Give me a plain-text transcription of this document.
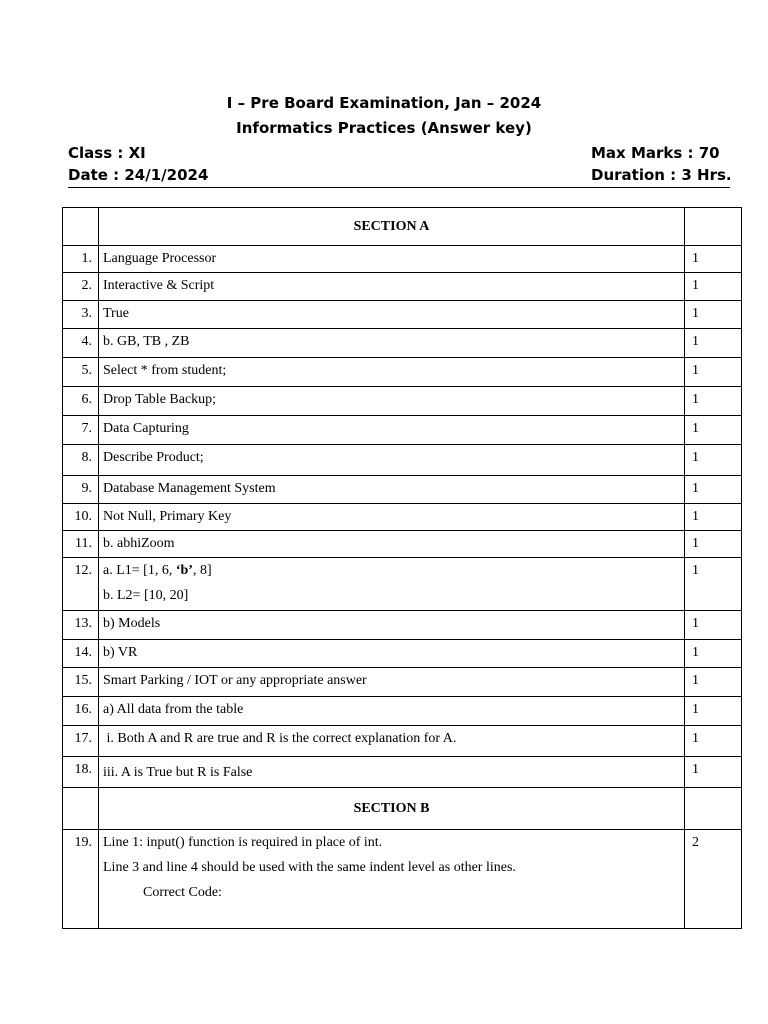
I – Pre Board Examination, Jan – 2024
Informatics Practices (Answer key)
Class : XI	Max Marks : 70
Date : 24/1/2024	Duration : 3 Hrs.
	SECTION A	
1.	Language Processor	1
2.	Interactive & Script	1
3.	True	1
4.	b. GB, TB , ZB	1
5.	Select * from student;	1
6.	Drop Table Backup;	1
7.	Data Capturing	1
8.	Describe Product;	1
9.	Database Management System	1
10.	Not Null, Primary Key	1
11.	b. abhiZoom	1
12.	a. L1= [1, 6, ‘b’, 8]
b. L2= [10, 20]	1
13.	b) Models	1
14.	b) VR	1
15.	Smart Parking / IOT or any appropriate answer	1
16.	a) All data from the table	1
17.	i. Both A and R are true and R is the correct explanation for A.	1
18.	iii. A is True but R is False	1
	SECTION B	
19.	Line 1: input() function is required in place of int.
Line 3 and line 4 should be used with the same indent level as other lines.
Correct Code:	2
